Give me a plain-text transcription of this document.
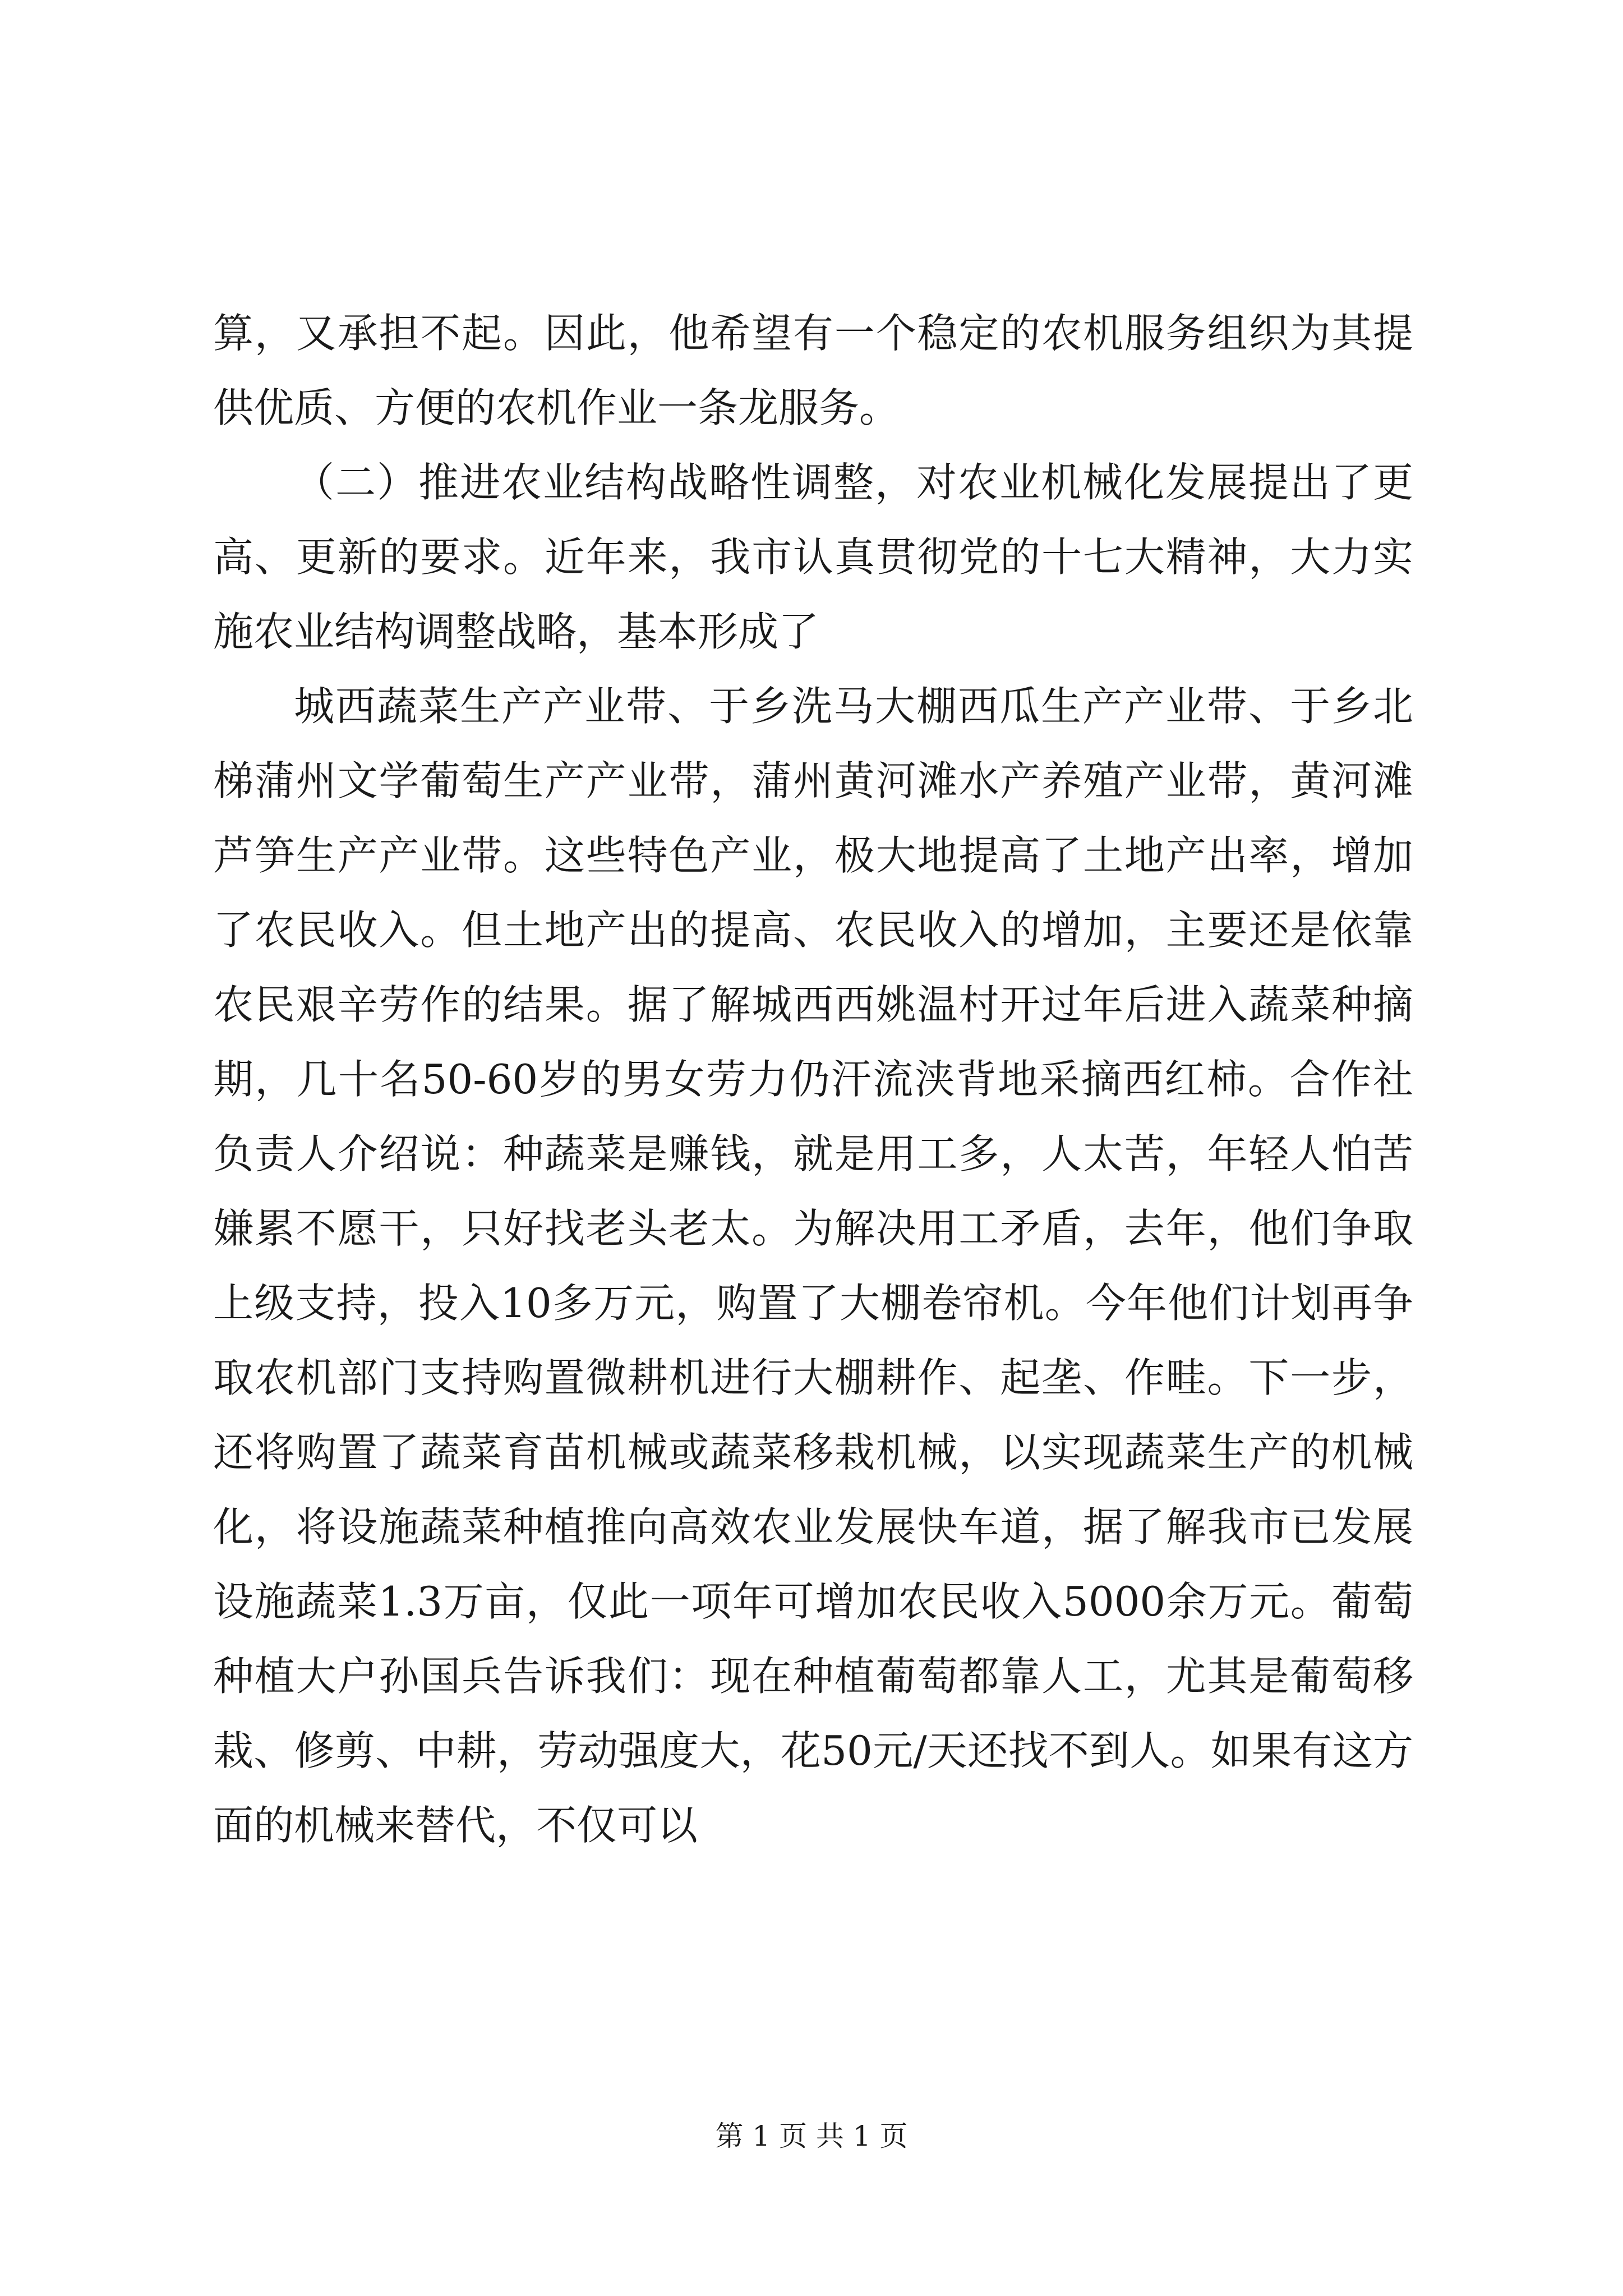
算，又承担不起。因此，他希望有一个稳定的农机服务组织为其提供优质、方便的农机作业一条龙服务。

（二）推进农业结构战略性调整，对农业机械化发展提出了更高、更新的要求。近年来，我市认真贯彻党的十七大精神，大力实施农业结构调整战略，基本形成了

城西蔬菜生产产业带、于乡洗马大棚西瓜生产产业带、于乡北梯蒲州文学葡萄生产产业带，蒲州黄河滩水产养殖产业带，黄河滩芦笋生产产业带。这些特色产业，极大地提高了土地产出率，增加了农民收入。但土地产出的提高、农民收入的增加，主要还是依靠农民艰辛劳作的结果。据了解城西西姚温村开过年后进入蔬菜种摘期，几十名50-60岁的男女劳力仍汗流浃背地采摘西红柿。合作社负责人介绍说：种蔬菜是赚钱，就是用工多，人太苦，年轻人怕苦嫌累不愿干，只好找老头老太。为解决用工矛盾，去年，他们争取上级支持，投入10多万元，购置了大棚卷帘机。今年他们计划再争取农机部门支持购置微耕机进行大棚耕作、起垄、作畦。下一步，还将购置了蔬菜育苗机械或蔬菜移栽机械，以实现蔬菜生产的机械化，将设施蔬菜种植推向高效农业发展快车道，据了解我市已发展设施蔬菜1.3万亩，仅此一项年可增加农民收入5000余万元。葡萄种植大户孙国兵告诉我们：现在种植葡萄都靠人工，尤其是葡萄移栽、修剪、中耕，劳动强度大，花50元/天还找不到人。如果有这方面的机械来替代，不仅可以

第 1 页 共 1 页
